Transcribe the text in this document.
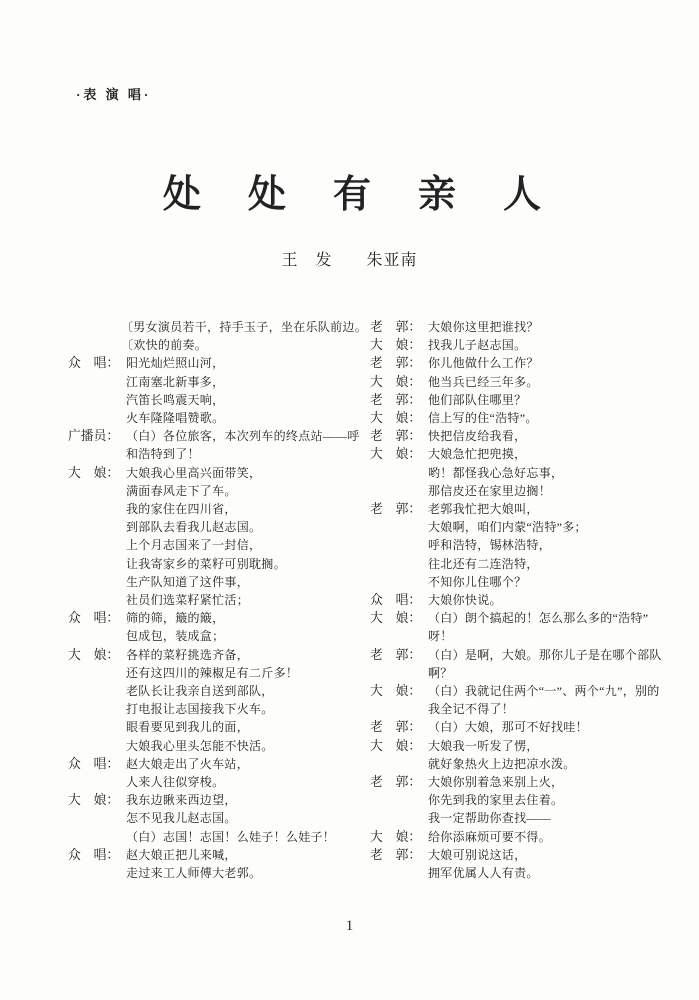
·表 演 唱·
处处有亲人
王　发　　朱亚南
〔男女演员若干，持手玉子，坐在乐队前边。
〔欢快的前奏。
众　唱： 阳光灿烂照山河，
江南塞北新事多，
汽笛长鸣震天响，
火车隆隆唱赞歌。
广播员： （白）各位旅客，本次列车的终点站——呼
和浩特到了！
大　娘： 大娘我心里高兴面带笑，
满面春风走下了车。
我的家住在四川省，
到部队去看我儿赵志国。
上个月志国来了一封信，
让我寄家乡的菜籽可别耽搁。
生产队知道了这件事，
社员们选菜籽紧忙活；
众　唱： 筛的筛，簸的簸，
包成包，装成盒；
大　娘： 各样的菜籽挑选齐备，
还有这四川的辣椒足有二斤多！
老队长让我亲自送到部队，
打电报让志国接我下火车。
眼看要见到我儿的面，
大娘我心里头怎能不快活。
众　唱： 赵大娘走出了火车站，
人来人往似穿梭。
大　娘： 我东边瞅来西边望，
怎不见我儿赵志国。
（白）志国！志国！么娃子！么娃子！
众　唱： 赵大娘正把儿来喊，
走过来工人师傅大老郭。
老　郭： 大娘你这里把谁找？
大　娘： 找我儿子赵志国。
老　郭： 你儿他做什么工作？
大　娘： 他当兵已经三年多。
老　郭： 他们部队住哪里？
大　娘： 信上写的住“浩特”。
老　郭： 快把信皮给我看，
大　娘： 大娘急忙把兜摸，
哟！都怪我心急好忘事，
那信皮还在家里边搁！
老　郭： 老郭我忙把大娘叫，
大娘啊，咱们内蒙“浩特”多；
呼和浩特，锡林浩特，
往北还有二连浩特，
不知你儿住哪个？
众　唱： 大娘你快说。
大　娘： （白）朗个搞起的！怎么那么多的“浩特”
呀！
老　郭： （白）是啊，大娘。那你儿子是在哪个部队
啊？
大　娘： （白）我就记住两个“一”、两个“九”，别的
我全记不得了！
老　郭： （白）大娘，那可不好找哇！
大　娘： 大娘我一听发了愣，
就好象热火上边把凉水泼。
老　郭： 大娘你别着急来别上火，
你先到我的家里去住着。
我一定帮助你查找——
大　娘： 给你添麻烦可要不得。
老　郭： 大娘可别说这话，
拥军优属人人有责。
1
